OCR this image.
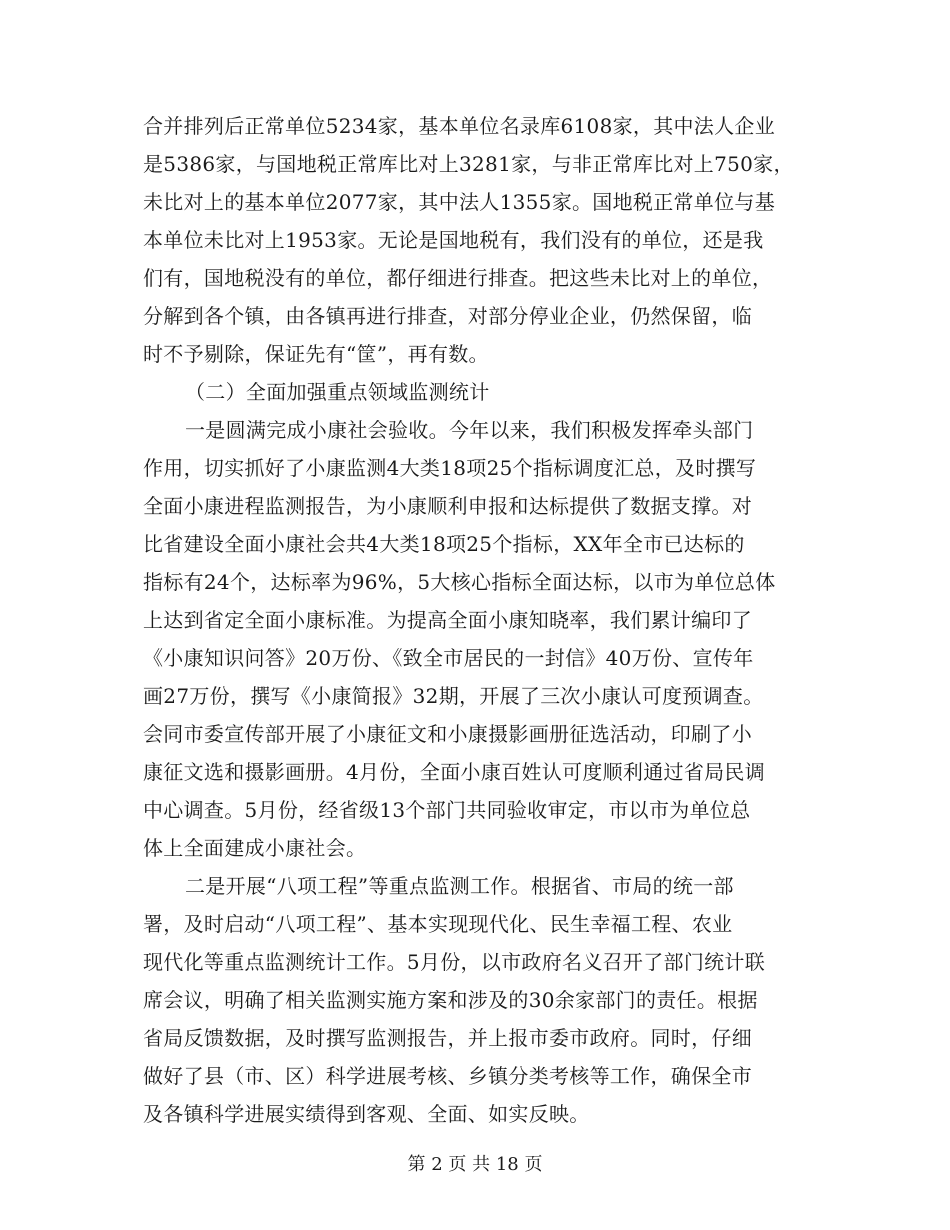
合并排列后正常单位5234家，基本单位名录库6108家，其中法人企业
是5386家，与国地税正常库比对上3281家，与非正常库比对上750家，
未比对上的基本单位2077家，其中法人1355家。国地税正常单位与基
本单位未比对上1953家。无论是国地税有，我们没有的单位，还是我
们有，国地税没有的单位，都仔细进行排查。把这些未比对上的单位，
分解到各个镇，由各镇再进行排查，对部分停业企业，仍然保留，临
时不予剔除，保证先有“筐”，再有数。
（二）全面加强重点领域监测统计
一是圆满完成小康社会验收。今年以来，我们积极发挥牵头部门
作用，切实抓好了小康监测4大类18项25个指标调度汇总，及时撰写
全面小康进程监测报告，为小康顺利申报和达标提供了数据支撑。对
比省建设全面小康社会共4大类18项25个指标，XX年全市已达标的
指标有24个，达标率为96%，5大核心指标全面达标，以市为单位总体
上达到省定全面小康标准。为提高全面小康知晓率，我们累计编印了
《小康知识问答》20万份、《致全市居民的一封信》40万份、宣传年
画27万份，撰写《小康简报》32期，开展了三次小康认可度预调查。
会同市委宣传部开展了小康征文和小康摄影画册征选活动，印刷了小
康征文选和摄影画册。4月份，全面小康百姓认可度顺利通过省局民调
中心调查。5月份，经省级13个部门共同验收审定，市以市为单位总
体上全面建成小康社会。
二是开展“八项工程”等重点监测工作。根据省、市局的统一部
署，及时启动“八项工程”、基本实现现代化、民生幸福工程、农业
现代化等重点监测统计工作。5月份，以市政府名义召开了部门统计联
席会议，明确了相关监测实施方案和涉及的30余家部门的责任。根据
省局反馈数据，及时撰写监测报告，并上报市委市政府。同时，仔细
做好了县（市、区）科学进展考核、乡镇分类考核等工作，确保全市
及各镇科学进展实绩得到客观、全面、如实反映。
第 2 页 共 18 页
